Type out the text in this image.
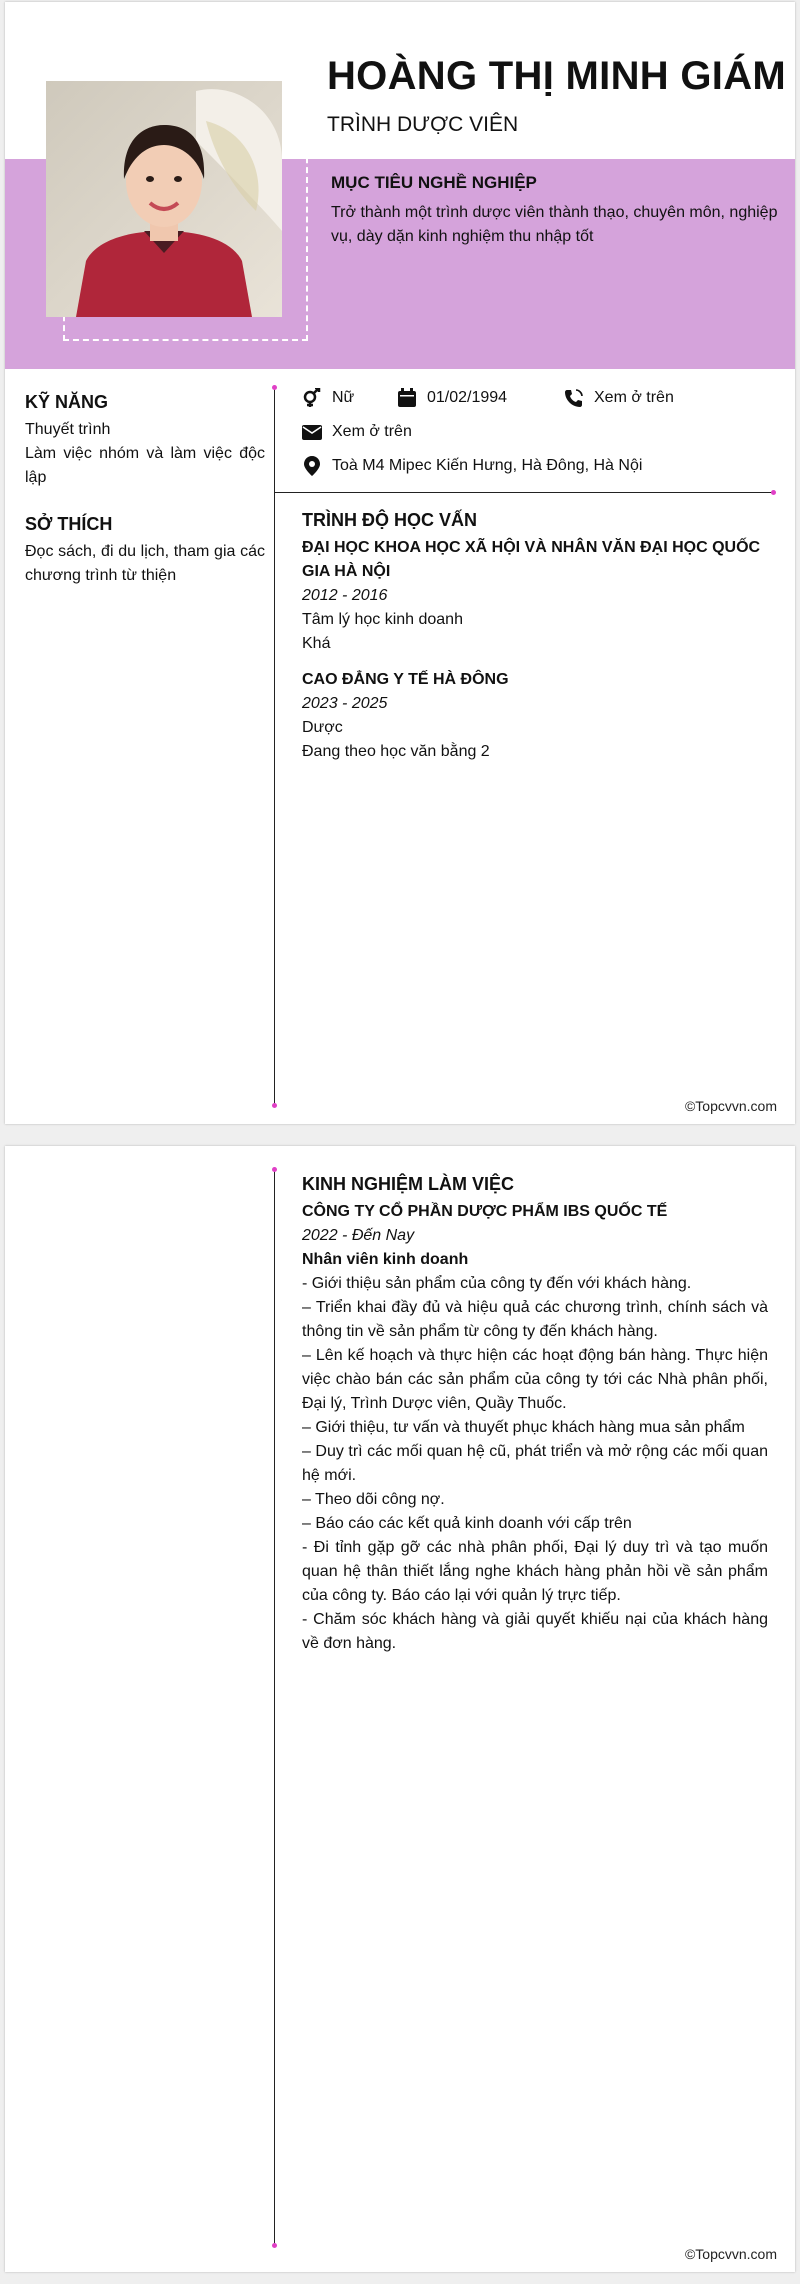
HOÀNG THỊ MINH GIÁM
TRÌNH DƯỢC VIÊN
MỤC TIÊU NGHỀ NGHIỆP
Trở thành một trình dược viên thành thạo, chuyên môn, nghiệp vụ, dày dặn kinh nghiệm thu nhập tốt
KỸ NĂNG
Thuyết trình
Làm việc nhóm và làm việc độc lập
SỞ THÍCH
Đọc sách, đi du lịch, tham gia các chương trình từ thiện
Nữ	01/02/1994	Xem ở trên
Xem ở trên
Toà M4 Mipec Kiến Hưng, Hà Đông, Hà Nội
TRÌNH ĐỘ HỌC VẤN
ĐẠI HỌC KHOA HỌC XÃ HỘI VÀ NHÂN VĂN ĐẠI HỌC QUỐC GIA HÀ NỘI
2012 - 2016
Tâm lý học kinh doanh
Khá
CAO ĐẲNG Y TẾ HÀ ĐÔNG
2023 - 2025
Dược
Đang theo học văn bằng 2
©Topcvvn.com
KINH NGHIỆM LÀM VIỆC
CÔNG TY CỔ PHẦN DƯỢC PHẨM IBS QUỐC TẾ
2022 - Đến Nay
Nhân viên kinh doanh

- Giới thiệu sản phẩm của công ty đến với khách hàng.

– Triển khai đầy đủ và hiệu quả các chương trình, chính sách và thông tin về sản phẩm từ công ty đến khách hàng.

– Lên kế hoạch và thực hiện các hoạt động bán hàng. Thực hiện việc chào bán các sản phẩm của công ty tới các Nhà phân phối, Đại lý, Trình Dược viên, Quầy Thuốc.

– Giới thiệu, tư vấn và thuyết phục khách hàng mua sản phẩm

– Duy trì các mối quan hệ cũ, phát triển và mở rộng các mối quan hệ mới.

– Theo dõi công nợ.

– Báo cáo các kết quả kinh doanh với cấp trên

- Đi tỉnh gặp gỡ các nhà phân phối, Đại lý duy trì và tạo muốn quan hệ thân thiết lắng nghe khách hàng phản hồi về sản phẩm của công ty. Báo cáo lại với quản lý trực tiếp.

- Chăm sóc khách hàng và giải quyết khiếu nại của khách hàng về đơn hàng.

©Topcvvn.com
